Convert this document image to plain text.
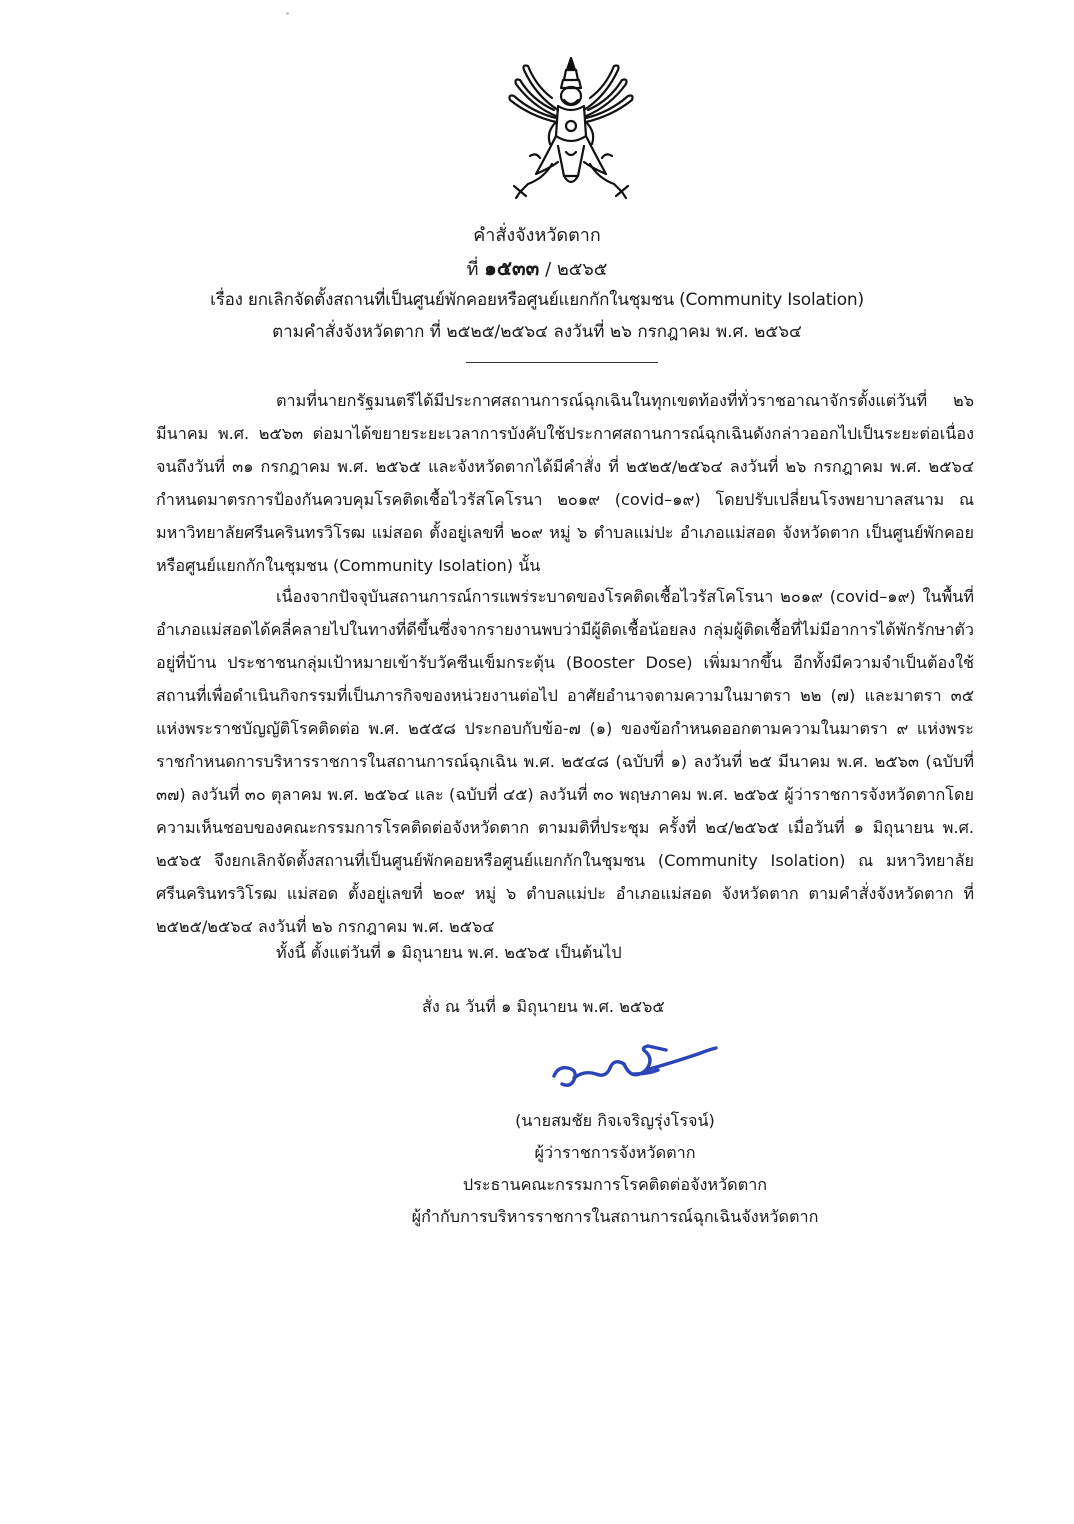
คำสั่งจังหวัดตาก
ที่ ๑๕๓๓ / ๒๕๖๕
เรื่อง ยกเลิกจัดตั้งสถานที่เป็นศูนย์พักคอยหรือศูนย์แยกกักในชุมชน (Community Isolation)
ตามคำสั่งจังหวัดตาก ที่ ๒๕๒๕/๒๕๖๔ ลงวันที่ ๒๖ กรกฎาคม พ.ศ. ๒๕๖๔

ตามที่นายกรัฐมนตรีได้มีประกาศสถานการณ์ฉุกเฉินในทุกเขตท้องที่ทั่วราชอาณาจักรตั้งแต่วันที่ ๒๖ มีนาคม พ.ศ. ๒๕๖๓ ต่อมาได้ขยายระยะเวลาการบังคับใช้ประกาศสถานการณ์ฉุกเฉินดังกล่าวออกไปเป็นระยะต่อเนื่องจนถึงวันที่ ๓๑ กรกฎาคม พ.ศ. ๒๕๖๕ และจังหวัดตากได้มีคำสั่ง ที่ ๒๕๒๕/๒๕๖๔ ลงวันที่ ๒๖ กรกฎาคม พ.ศ. ๒๕๖๔ กำหนดมาตรการป้องกันควบคุมโรคติดเชื้อไวรัสโคโรนา ๒๐๑๙ (covid–๑๙) โดยปรับเปลี่ยนโรงพยาบาลสนาม ณ มหาวิทยาลัยศรีนครินทรวิโรฒ แม่สอด ตั้งอยู่เลขที่ ๒๐๙ หมู่ ๖ ตำบลแม่ปะ อำเภอแม่สอด จังหวัดตาก เป็นศูนย์พักคอยหรือศูนย์แยกกักในชุมชน (Community Isolation) นั้น

เนื่องจากปัจจุบันสถานการณ์การแพร่ระบาดของโรคติดเชื้อไวรัสโคโรนา ๒๐๑๙ (covid–๑๙) ในพื้นที่อำเภอแม่สอดได้คลี่คลายไปในทางที่ดีขึ้นซึ่งจากรายงานพบว่ามีผู้ติดเชื้อน้อยลง กลุ่มผู้ติดเชื้อที่ไม่มีอาการได้พักรักษาตัวอยู่ที่บ้าน ประชาชนกลุ่มเป้าหมายเข้ารับวัคซีนเข็มกระตุ้น (Booster Dose) เพิ่มมากขึ้น อีกทั้งมีความจำเป็นต้องใช้สถานที่เพื่อดำเนินกิจกรรมที่เป็นภารกิจของหน่วยงานต่อไป อาศัยอำนาจตามความในมาตรา ๒๒ (๗) และมาตรา ๓๕ แห่งพระราชบัญญัติโรคติดต่อ พ.ศ. ๒๕๕๘ ประกอบกับข้อ-๗ (๑) ของข้อกำหนดออกตามความในมาตรา ๙ แห่งพระราชกำหนดการบริหารราชการในสถานการณ์ฉุกเฉิน พ.ศ. ๒๕๔๘ (ฉบับที่ ๑) ลงวันที่ ๒๕ มีนาคม พ.ศ. ๒๕๖๓ (ฉบับที่ ๓๗) ลงวันที่ ๓๐ ตุลาคม พ.ศ. ๒๕๖๔ และ (ฉบับที่ ๔๕) ลงวันที่ ๓๐ พฤษภาคม พ.ศ. ๒๕๖๕ ผู้ว่าราชการจังหวัดตากโดยความเห็นชอบของคณะกรรมการโรคติดต่อจังหวัดตาก ตามมติที่ประชุม ครั้งที่ ๒๔/๒๕๖๕ เมื่อวันที่ ๑ มิถุนายน พ.ศ. ๒๕๖๕ จึงยกเลิกจัดตั้งสถานที่เป็นศูนย์พักคอยหรือศูนย์แยกกักในชุมชน (Community Isolation) ณ มหาวิทยาลัยศรีนครินทรวิโรฒ แม่สอด ตั้งอยู่เลขที่ ๒๐๙ หมู่ ๖ ตำบลแม่ปะ อำเภอแม่สอด จังหวัดตาก ตามคำสั่งจังหวัดตาก ที่ ๒๕๒๕/๒๕๖๔ ลงวันที่ ๒๖ กรกฎาคม พ.ศ. ๒๕๖๔

ทั้งนี้ ตั้งแต่วันที่ ๑ มิถุนายน พ.ศ. ๒๕๖๕ เป็นต้นไป
สั่ง ณ วันที่ ๑ มิถุนายน พ.ศ. ๒๕๖๕
(นายสมชัย กิจเจริญรุ่งโรจน์)
ผู้ว่าราชการจังหวัดตาก
ประธานคณะกรรมการโรคติดต่อจังหวัดตาก
ผู้กำกับการบริหารราชการในสถานการณ์ฉุกเฉินจังหวัดตาก
